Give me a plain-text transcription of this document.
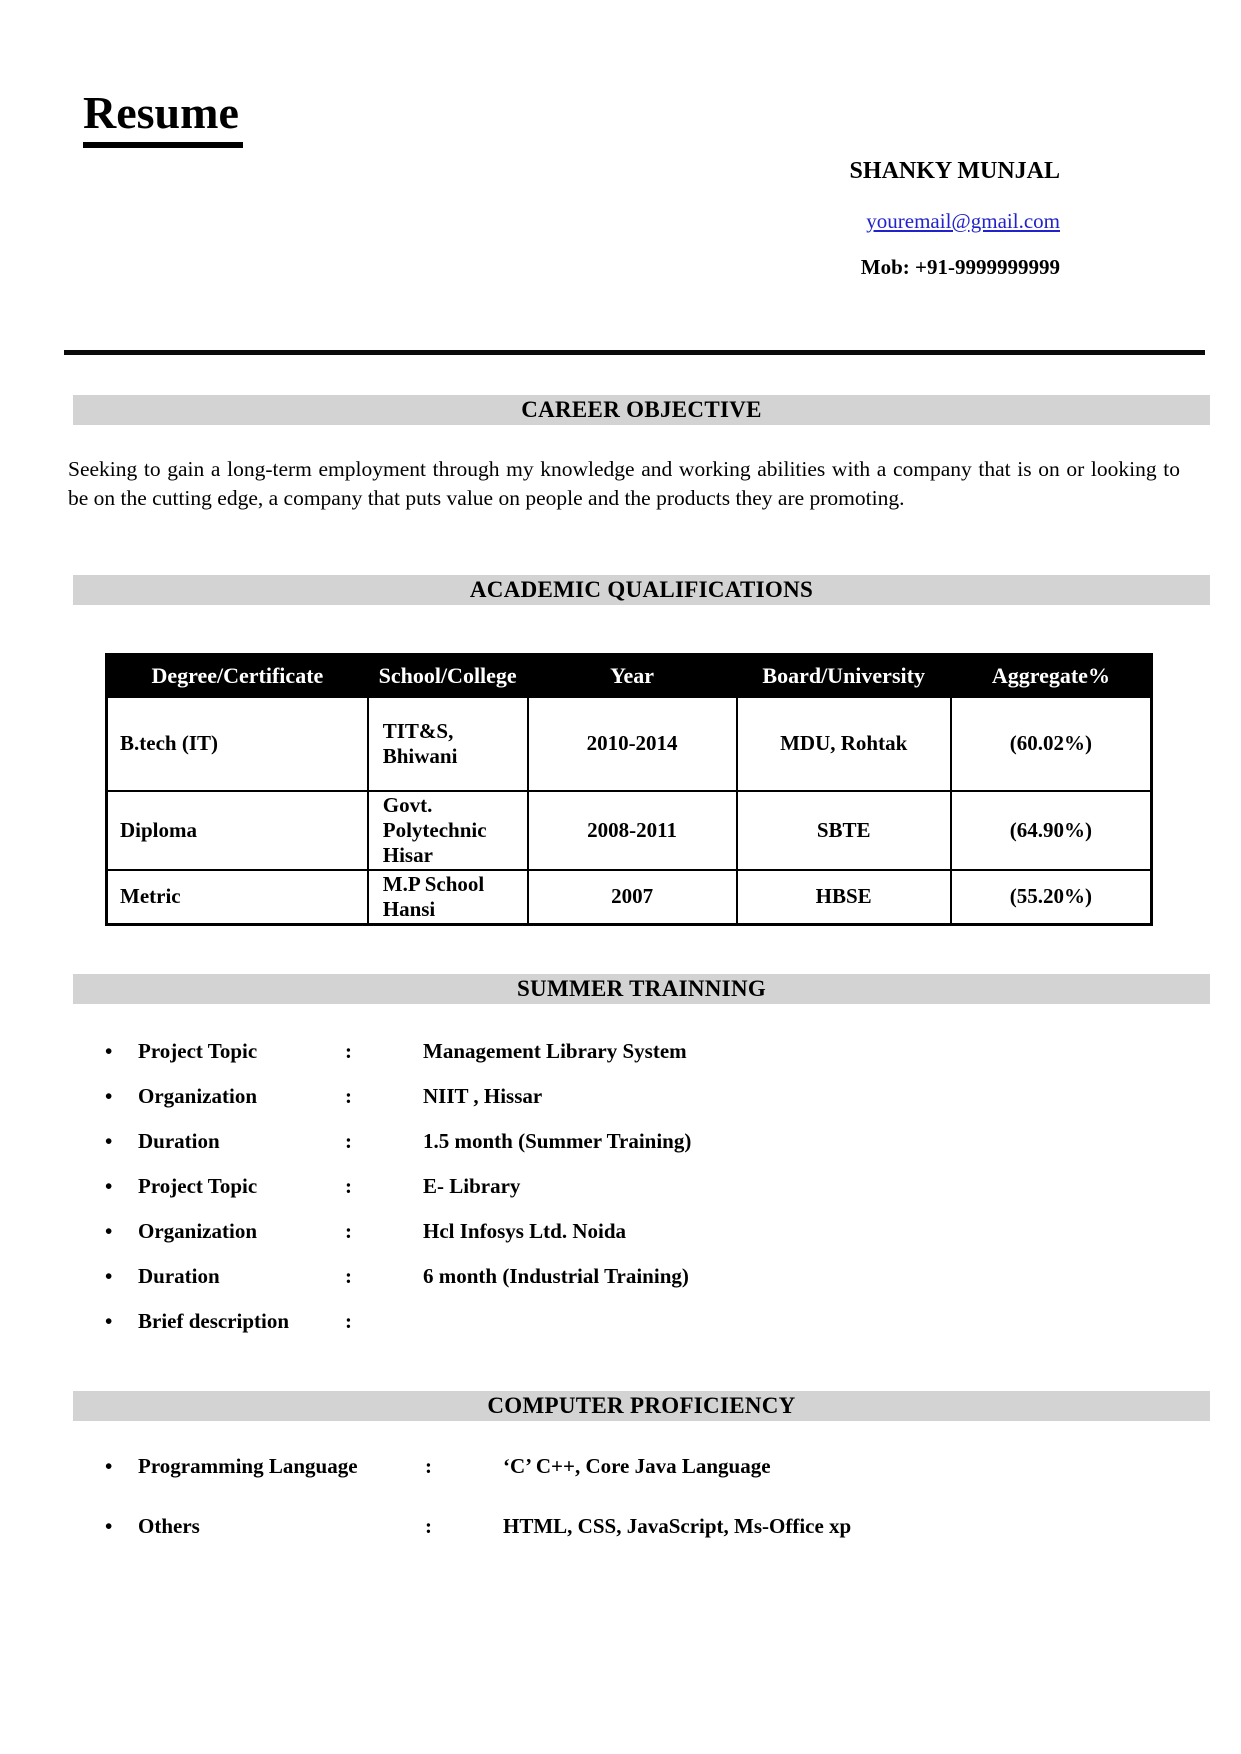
Resume
SHANKY MUNJAL
youremail@gmail.com
Mob: +91-9999999999
CAREER OBJECTIVE

Seeking to gain a long-term employment through my knowledge and working abilities with a company that is on or looking to be on the cutting edge, a company that puts value on people and the products they are promoting.

ACADEMIC QUALIFICATIONS
Degree/Certificate	School/College	Year	Board/University	Aggregate%
B.tech (IT)	TIT&S, Bhiwani	2010-2014	MDU, Rohtak	(60.02%)
Diploma	Govt. Polytechnic Hisar	2008-2011	SBTE	(64.90%)
Metric	M.P School Hansi	2007	HBSE	(55.20%)
SUMMER TRAINNING
•	Project Topic	:	Management Library System
•	Organization	:	NIIT , Hissar
•	Duration	:	1.5 month (Summer Training)
•	Project Topic	:	E- Library
•	Organization	:	Hcl Infosys Ltd. Noida
•	Duration	:	6 month (Industrial Training)
•	Brief description	:
COMPUTER PROFICIENCY
•	Programming Language	:	‘C’ C++, Core Java Language
•	Others	:	HTML, CSS, JavaScript, Ms-Office xp
